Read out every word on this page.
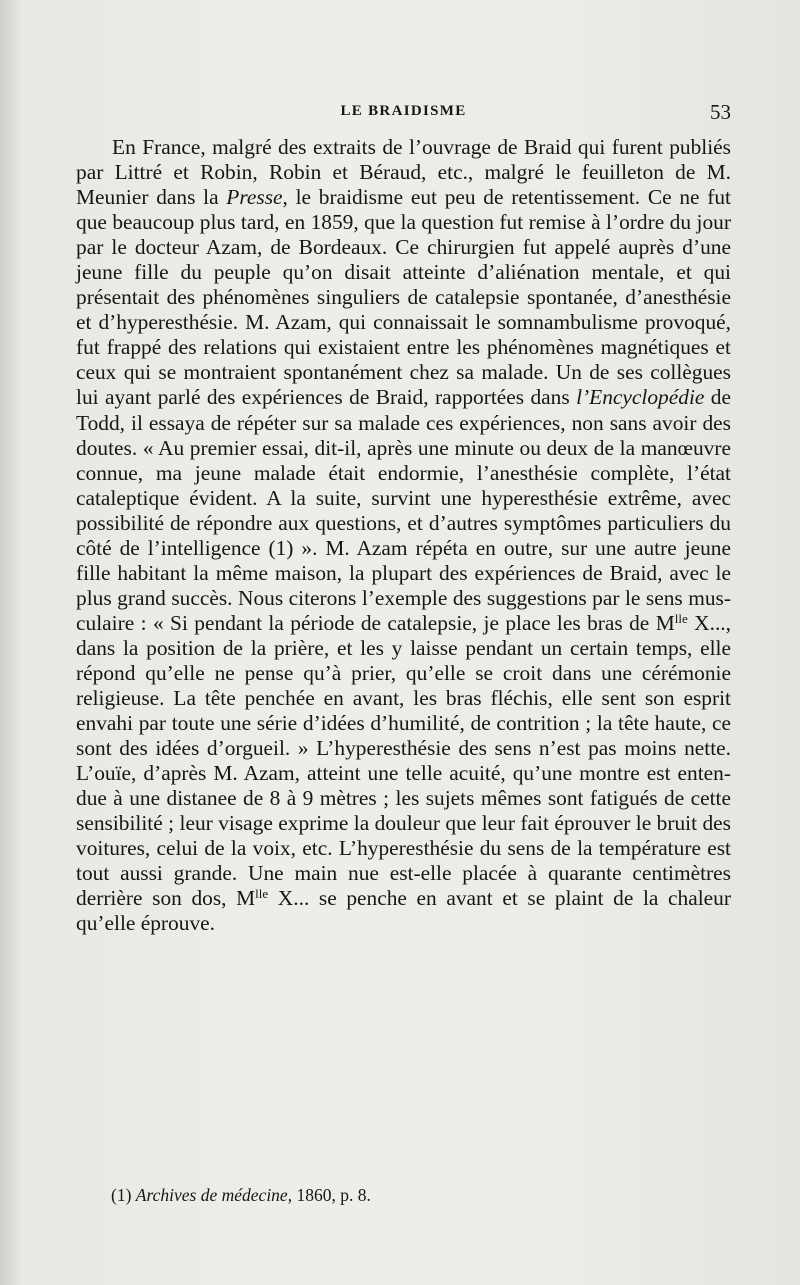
LE BRAIDISME	53

En France, malgré des extraits de l’ouvrage de Braid qui furent publiés par Littré et Robin, Robin et Béraud, etc., malgré le feuilleton de M. Meunier dans la Presse, le braidisme eut peu de retentissement. Ce ne fut que beaucoup plus tard, en 1859, que la question fut remise à l’ordre du jour par le docteur Azam, de Bordeaux. Ce chirurgien fut appelé auprès d’une jeune fille du peuple qu’on disait atteinte d’aliénation mentale, et qui présentait des phénomènes singuliers de catalepsie spontanée, d’anesthésie et d’hyperesthésie. M. Azam, qui connaissait le somnambulisme provoqué, fut frappé des relations qui existaient entre les phénomènes magnétiques et ceux qui se montraient spontanément chez sa malade. Un de ses collègues lui ayant parlé des expériences de Braid, rapportées dans l’Encyclopédie de Todd, il essaya de répéter sur sa malade ces expériences, non sans avoir des doutes. « Au premier essai, dit-il, après une minute ou deux de la manœuvre connue, ma jeune malade était endormie, l’anesthésie complète, l’état cataleptique évident. A la suite, survint une hyperesthésie extrême, avec possibilité de répondre aux questions, et d’autres symptômes particuliers du côté de l’intelligence (1) ». M. Azam répéta en outre, sur une autre jeune fille habitant la même maison, la plupart des expériences de Braid, avec le plus grand succès. Nous citerons l’exemple des suggestions par le sens musculaire : « Si pendant la période de catalepsie, je place les bras de $M^{lle}$ X..., dans la position de la prière, et les y laisse pendant un certain temps, elle répond qu’elle ne pense qu’à prier, qu’elle se croit dans une cérémonie religieuse. La tête penchée en avant, les bras fléchis, elle sent son esprit envahi par toute une série d’idées d’humilité, de contrition ; la tête haute, ce sont des idées d’orgueil. » L’hyperesthésie des sens n’est pas moins nette. L’ouïe, d’après M. Azam, atteint une telle acuité, qu’une montre est entendue à une distanee de 8 à 9 mètres ; les sujets mêmes sont fatigués de cette sensibilité ; leur visage exprime la douleur que leur fait éprouver le bruit des voitures, celui de la voix, etc. L’hyperesthésie du sens de la température est tout aussi grande. Une main nue est-elle placée à quarante centimètres derrière son dos, $M^{lle}$ X... se penche en avant et se plaint de la chaleur qu’elle éprouve.

(1) Archives de médecine, 1860, p. 8.
